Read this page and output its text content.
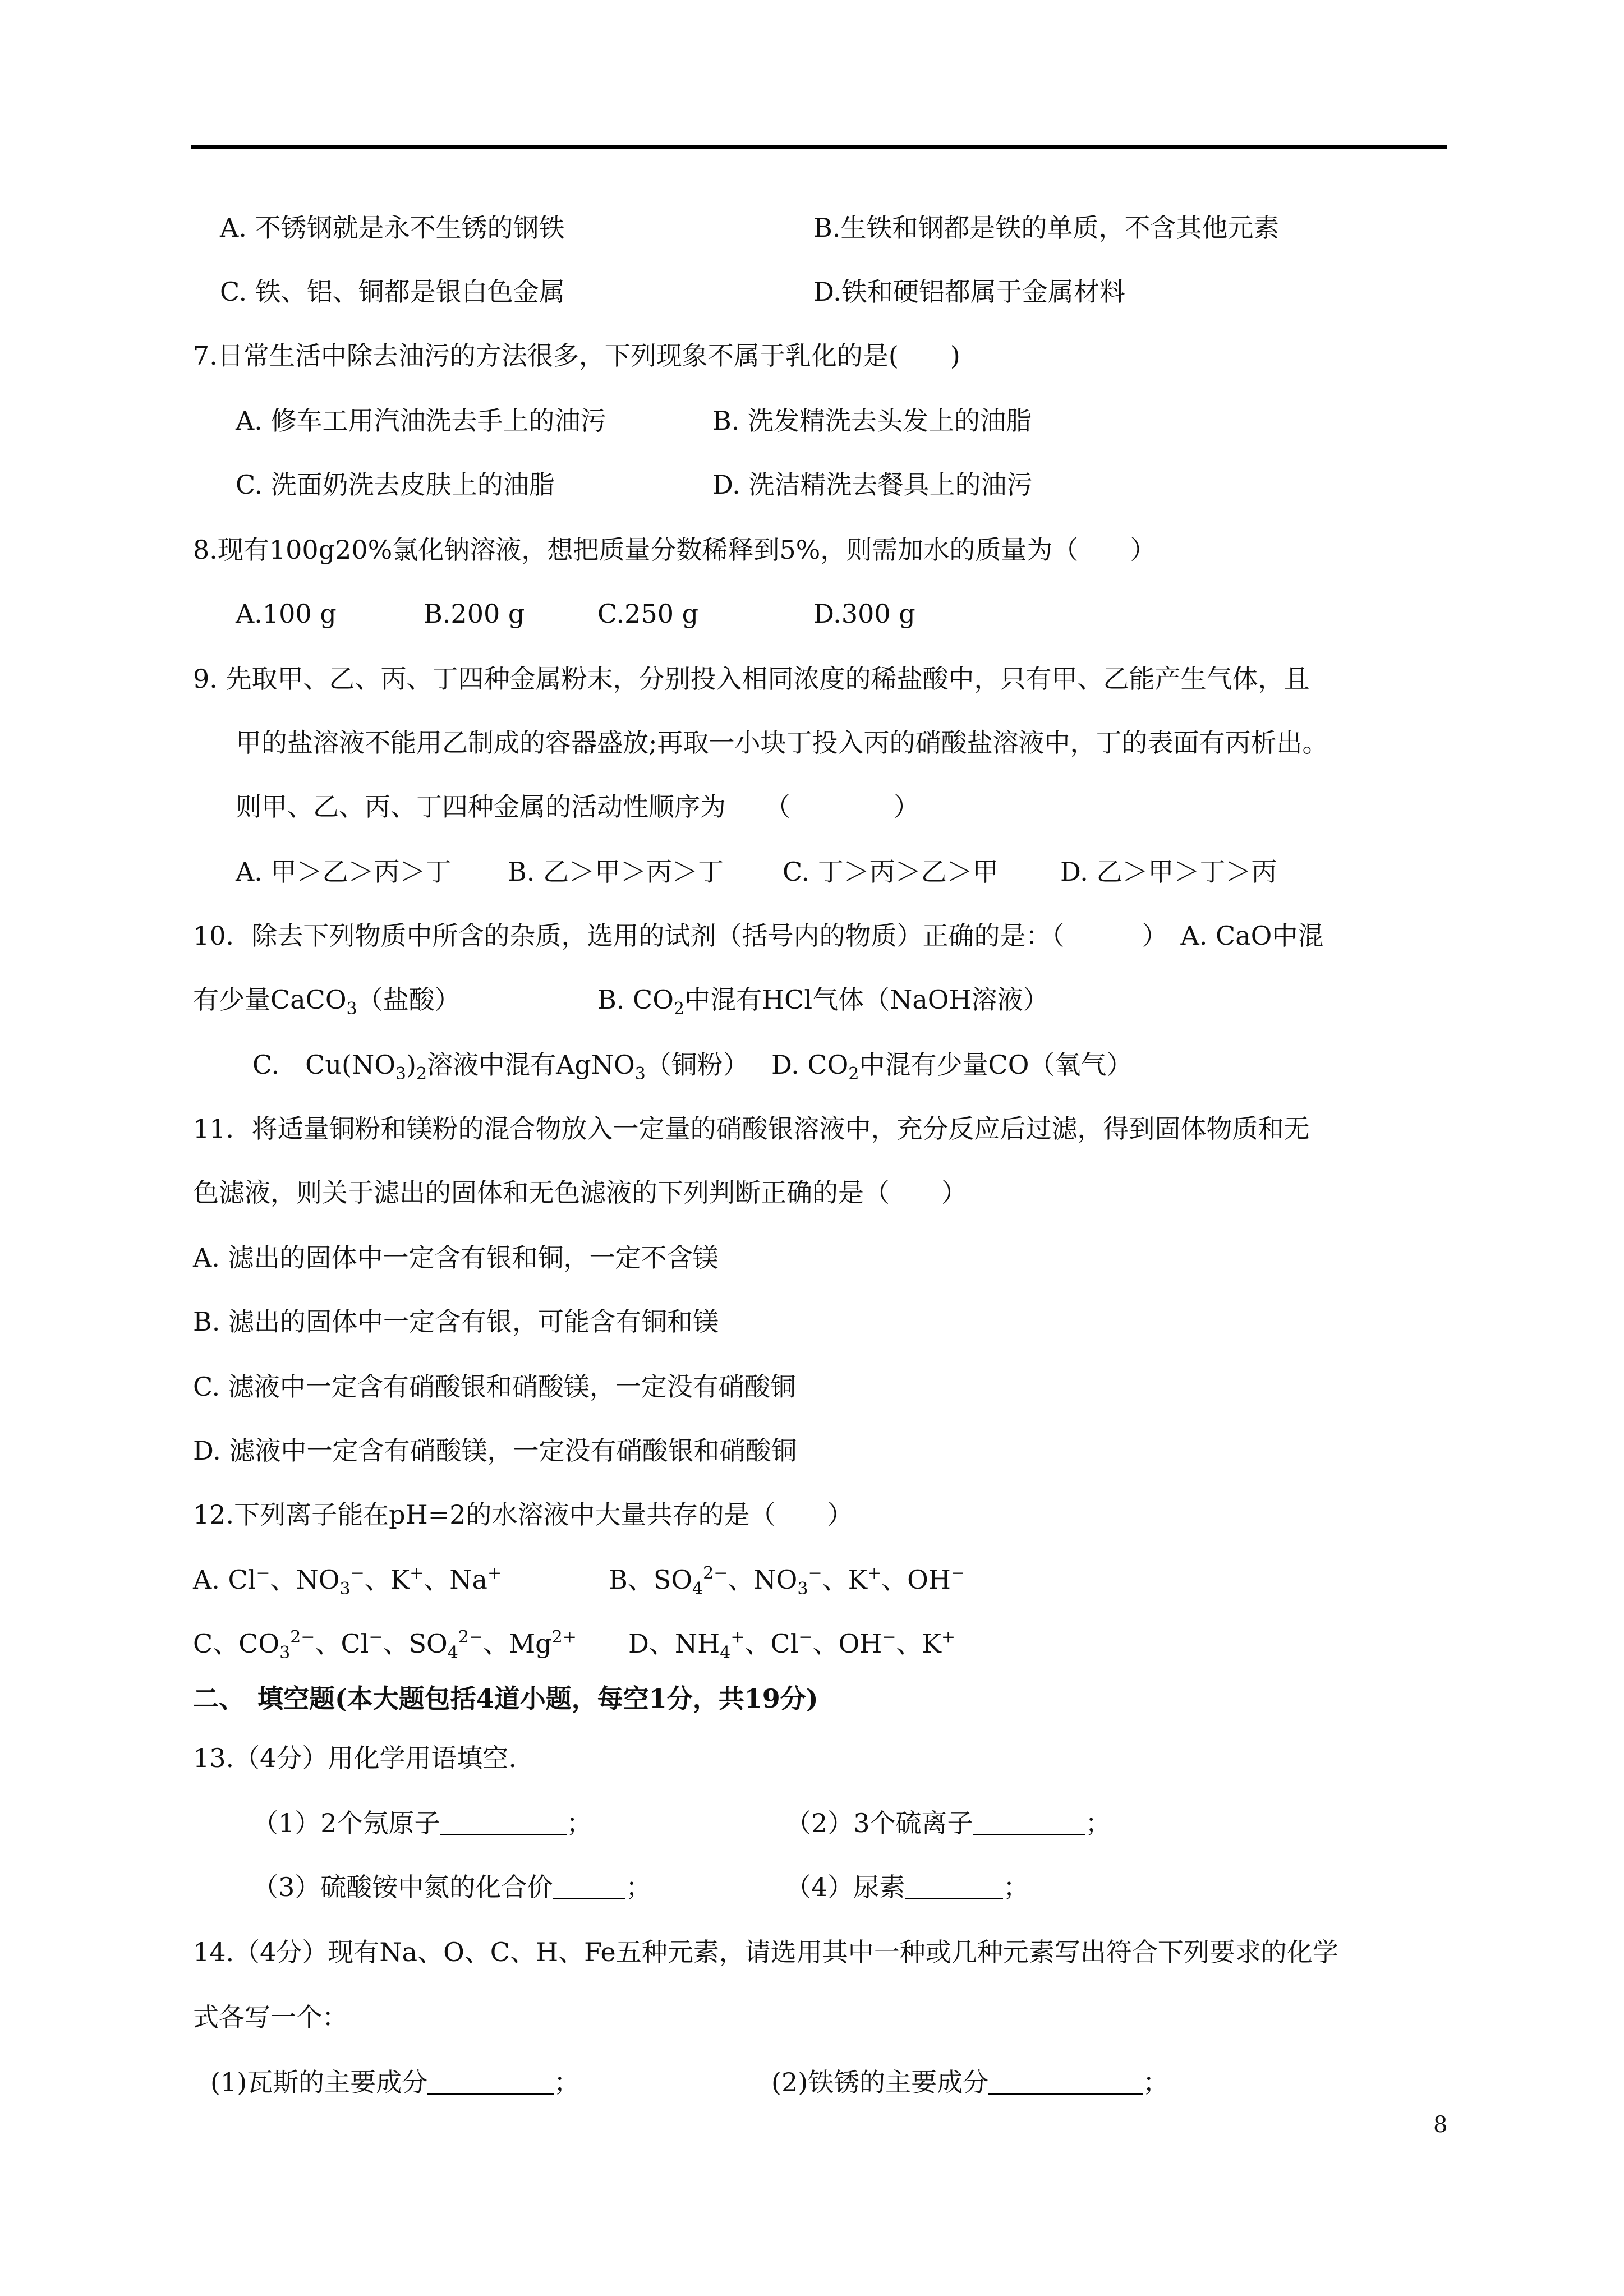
A. 不锈钢就是永不生锈的钢铁	B.生铁和钢都是铁的单质，不含其他元素
C. 铁、铝、铜都是银白色金属	D.铁和硬铝都属于金属材料
7.日常生活中除去油污的方法很多，下列现象不属于乳化的是(　　)
A. 修车工用汽油洗去手上的油污	B. 洗发精洗去头发上的油脂
C. 洗面奶洗去皮肤上的油脂	D. 洗洁精洗去餐具上的油污
8.现有100g20%氯化钠溶液，想把质量分数稀释到5%，则需加水的质量为（　　）
A.100 g	B.200 g	C.250 g	D.300 g
9. 先取甲、乙、丙、丁四种金属粉末，分别投入相同浓度的稀盐酸中，只有甲、乙能产生气体，且
甲的盐溶液不能用乙制成的容器盛放;再取一小块丁投入丙的硝酸盐溶液中，丁的表面有丙析出。
则甲、乙、丙、丁四种金属的活动性顺序为　　（　　　　）
A. 甲＞乙＞丙＞丁 B. 乙＞甲＞丙＞丁 C. 丁＞丙＞乙＞甲 D. 乙＞甲＞丁＞丙
10．除去下列物质中所含的杂质，选用的试剂（括号内的物质）正确的是：（　　　）　A. CaO中混
有少量CaCO$_3$（盐酸）	B. $CO_2$中混有HCl气体（NaOH溶液）
C.　$Cu(NO_3)_2$溶液中混有AgNO$_3$（铜粉） D. $CO_2$中混有少量CO（氧气）
11．将适量铜粉和镁粉的混合物放入一定量的硝酸银溶液中，充分反应后过滤，得到固体物质和无
色滤液，则关于滤出的固体和无色滤液的下列判断正确的是（　　）
A. 滤出的固体中一定含有银和铜，一定不含镁
B. 滤出的固体中一定含有银，可能含有铜和镁
C. 滤液中一定含有硝酸银和硝酸镁，一定没有硝酸铜
D. 滤液中一定含有硝酸镁，一定没有硝酸银和硝酸铜
12.下列离子能在pH=2的水溶液中大量共存的是（　　）
A. Cl−、$NO_3^-$、K+、Na+	B、$SO_4^{2-}$、$NO_3^-$、K+、OH−
C、$CO_3^{2-}$、Cl−、$SO_4^{2-}$、$Mg^{2+}$ D、$NH_4^+$、Cl−、OH−、K+
二、　填空题(本大题包括4道小题，每空1分，共19分)
13.（4分）用化学用语填空.
（1）2个氖原子	；	（2）3个硫离子	；
（3）硫酸铵中氮的化合价	；	（4）尿素	；
14.（4分）现有Na、O、C、H、Fe五种元素，请选用其中一种或几种元素写出符合下列要求的化学
式各写一个：
(1)瓦斯的主要成分	；	(2)铁锈的主要成分	；
8
